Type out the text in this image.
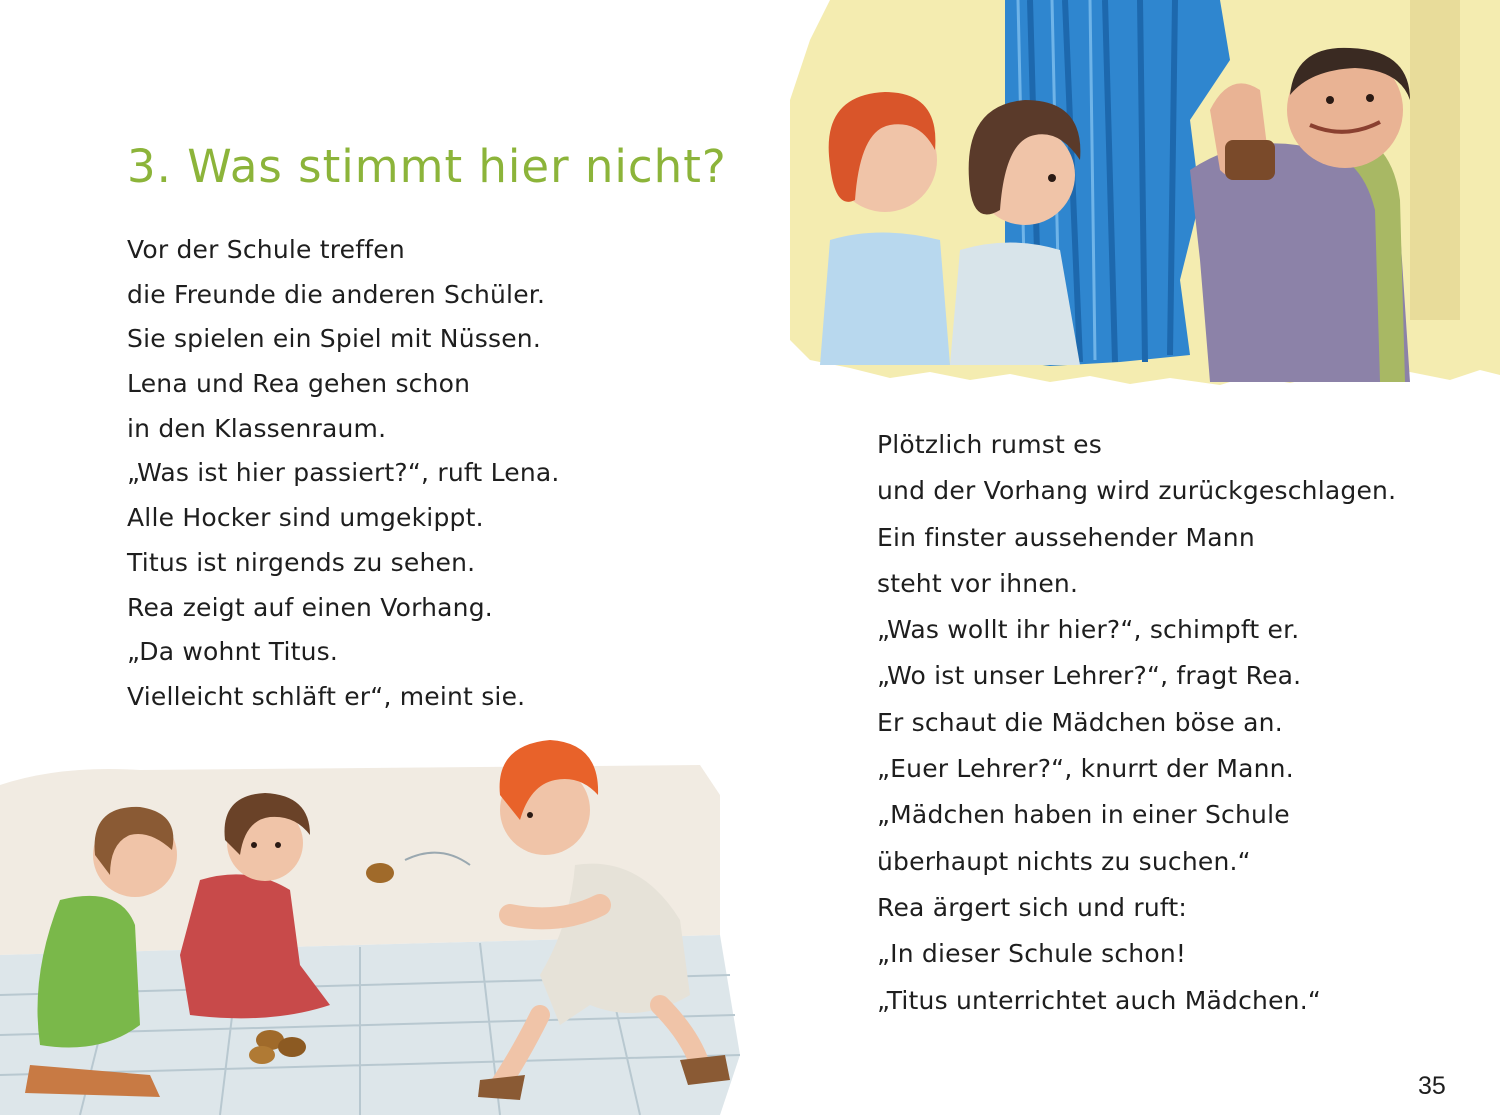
3. Was stimmt hier nicht?
Vor der Schule treffen
die Freunde die anderen Schüler.
Sie spielen ein Spiel mit Nüssen.
Lena und Rea gehen schon
in den Klassenraum.
„Was ist hier passiert?“, ruft Lena.
Alle Hocker sind umgekippt.
Titus ist nirgends zu sehen.
Rea zeigt auf einen Vorhang.
„Da wohnt Titus.
Vielleicht schläft er“, meint sie.
Plötzlich rumst es
und der Vorhang wird zurückgeschlagen.
Ein finster aussehender Mann
steht vor ihnen.
„Was wollt ihr hier?“, schimpft er.
„Wo ist unser Lehrer?“, fragt Rea.
Er schaut die Mädchen böse an.
„Euer Lehrer?“, knurrt der Mann.
„Mädchen haben in einer Schule
überhaupt nichts zu suchen.“
Rea ärgert sich und ruft:
„In dieser Schule schon!
„Titus unterrichtet auch Mädchen.“
35
